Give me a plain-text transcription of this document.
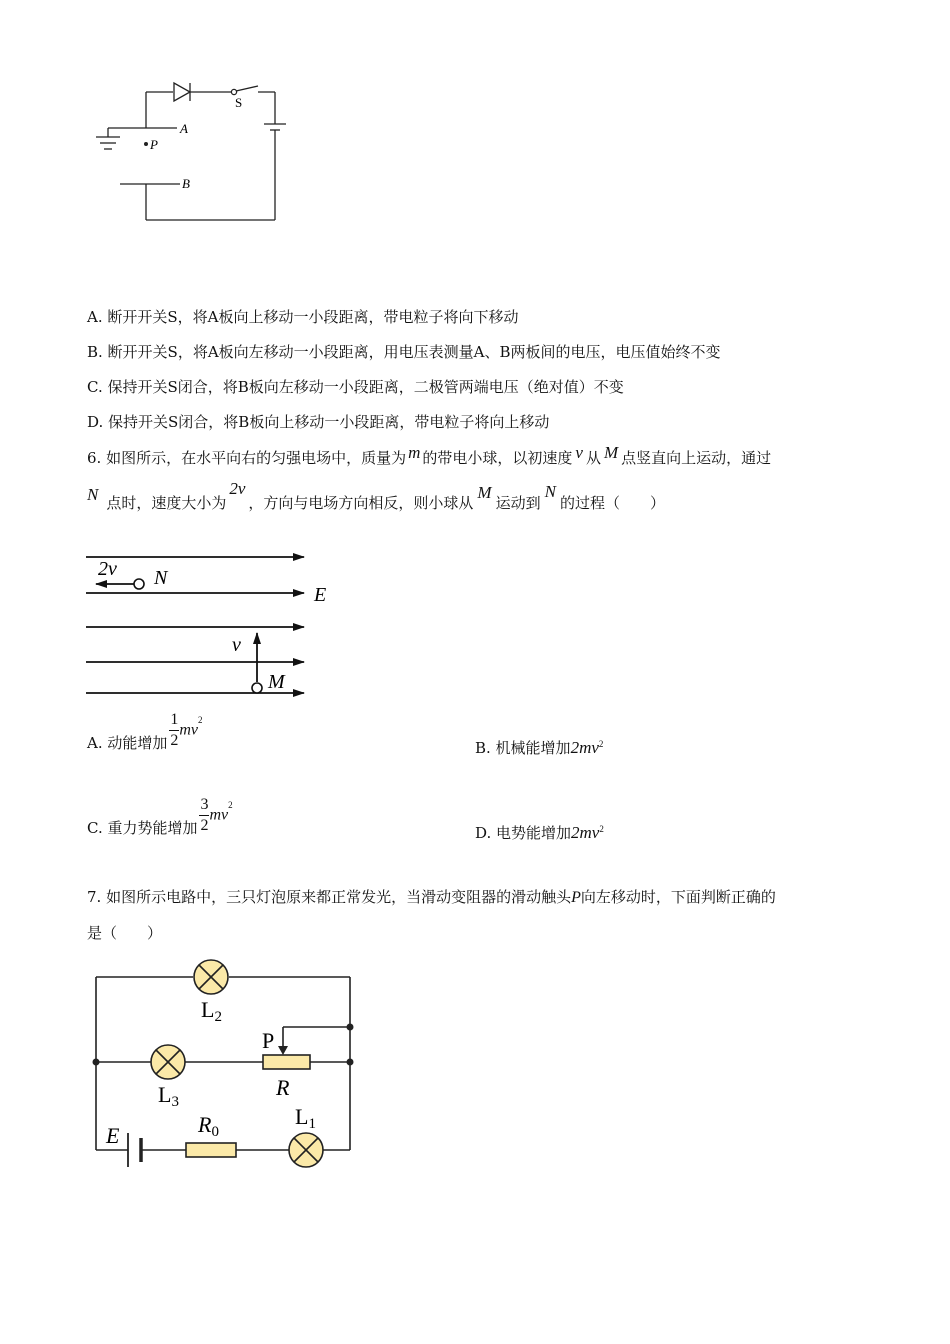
S
A
P
B
A. 断开开关S，将A板向上移动一小段距离，带电粒子将向下移动
B. 断开开关S，将A板向左移动一小段距离，用电压表测量A、B两板间的电压，电压值始终不变
C. 保持开关S闭合，将B板向左移动一小段距离，二极管两端电压（绝对值）不变
D. 保持开关S闭合，将B板向上移动一小段距离，带电粒子将向上移动
6. 如图所示，在水平向右的匀强电场中，质量为 m 的带电小球，以初速度 v 从 M 点竖直向上运动，通过
N 点时，速度大小为2v，方向与电场方向相反，则小球从M运动到N的过程（　　）
2v N
E
v
M
A. 动能增加 $\frac{1}{2} mv^2$
B. 机械能增加$2mv^2$
C. 重力势能增加 $\frac{3}{2} mv^2$
D. 电势能增加$2mv^2$
7. 如图所示电路中，三只灯泡原来都正常发光，当滑动变阻器的滑动触头P向左移动时，下面判断正确的
是（　　）
L2
L3
L1
P
R
R0
E
